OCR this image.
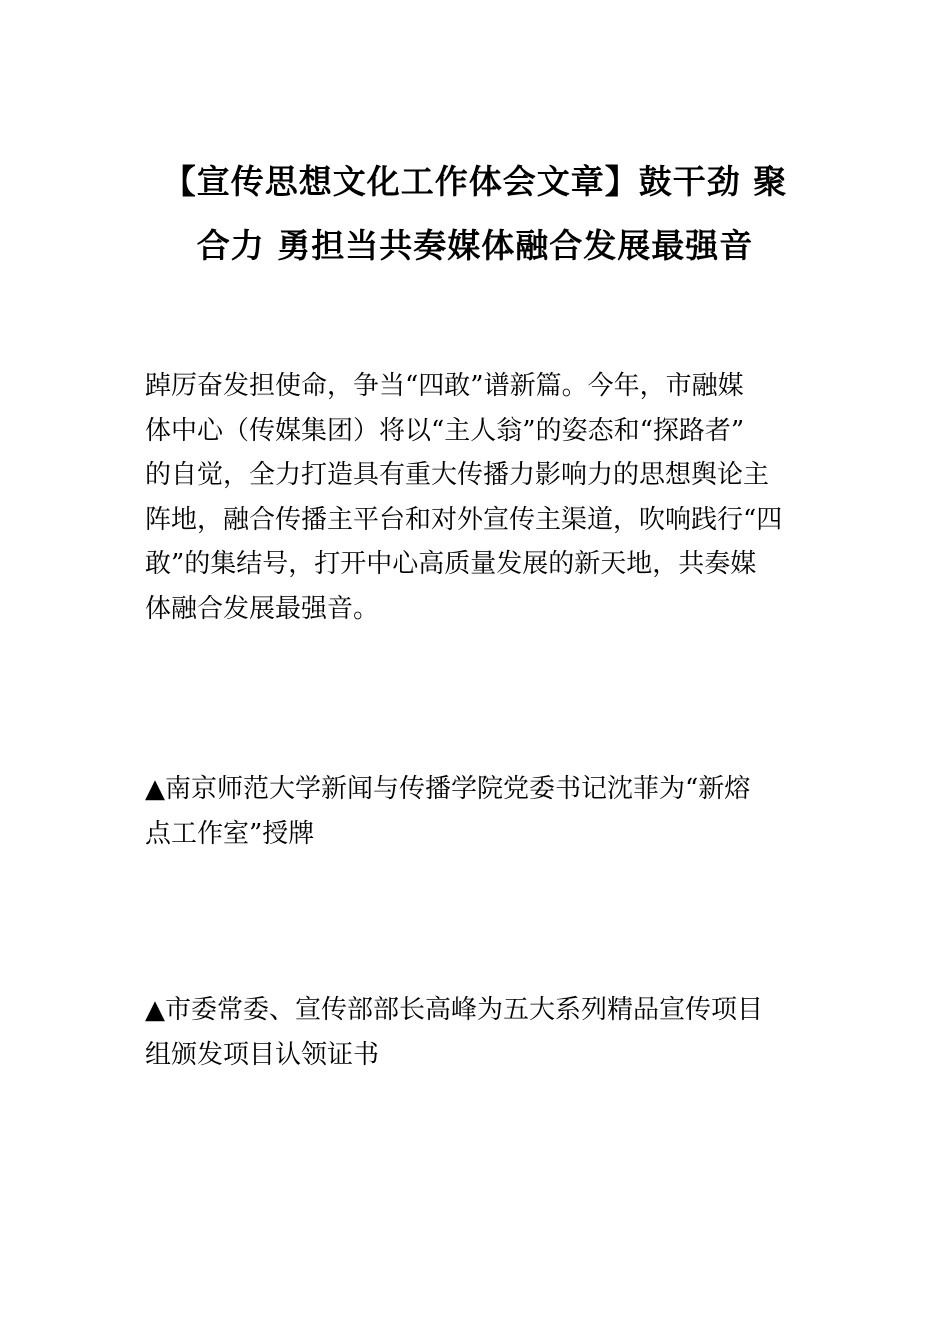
【宣传思想文化工作体会文章】鼓干劲 聚
合力 勇担当共奏媒体融合发展最强音

踔厉奋发担使命，争当“四敢”谱新篇。今年，市融媒
体中心（传媒集团）将以“主人翁”的姿态和“探路者”
的自觉，全力打造具有重大传播力影响力的思想舆论主
阵地，融合传播主平台和对外宣传主渠道，吹响践行“四
敢”的集结号，打开中心高质量发展的新天地，共奏媒
体融合发展最强音。

▲南京师范大学新闻与传播学院党委书记沈菲为“新熔
点工作室”授牌

▲市委常委、宣传部部长高峰为五大系列精品宣传项目
组颁发项目认领证书
